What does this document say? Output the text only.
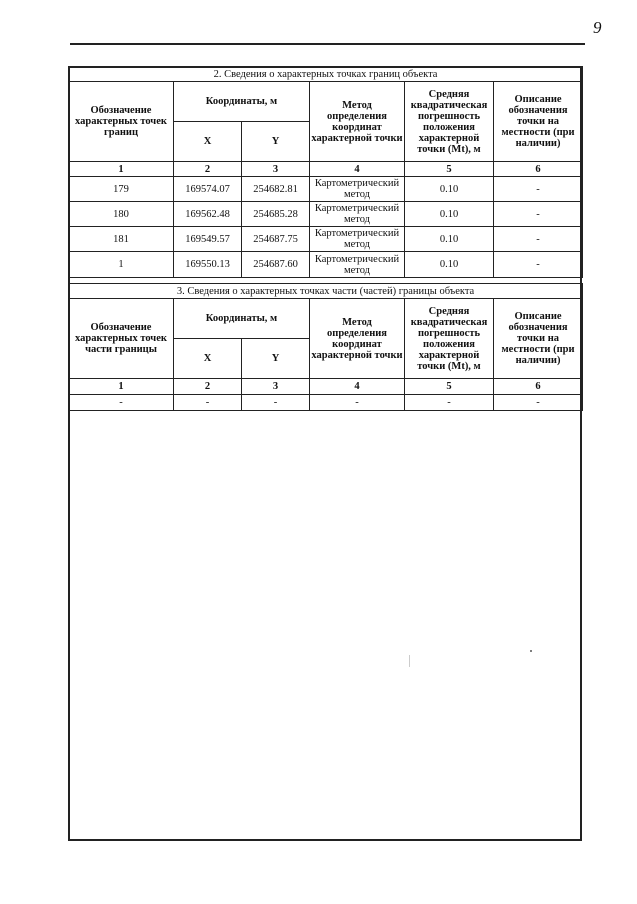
9
2. Сведения о характерных точках границ объекта					
Обозначение характерных точек границ	Координаты, м		Метод определения координат характерной точки	Средняя квадратическая погрешность положения характерной точки (Mt), м	Описание обозначения точки на местности (при наличии)
	X	Y			
1	2	3	4	5	6
179	169574.07	254682.81	Картометрический метод	0.10	-
180	169562.48	254685.28	Картометрический метод	0.10	-
181	169549.57	254687.75	Картометрический метод	0.10	-
1	169550.13	254687.60	Картометрический метод	0.10	-
3. Сведения о характерных точках части (частей) границы объекта					
Обозначение характерных точек части границы	Координаты, м		Метод определения координат характерной точки	Средняя квадратическая погрешность положения характерной точки (Mt), м	Описание обозначения точки на местности (при наличии)
	X	Y			
1	2	3	4	5	6
-	-	-	-	-	-
